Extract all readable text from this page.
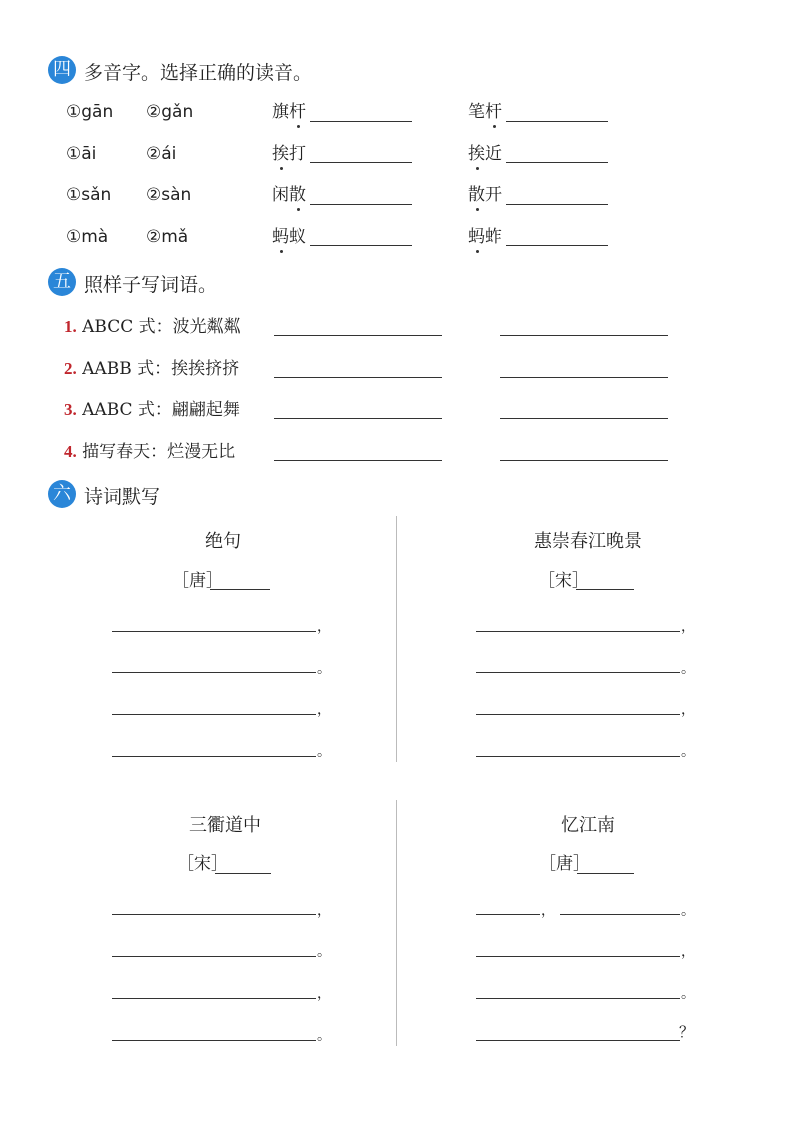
四 多音字。选择正确的读音。
①gān ②gǎn	旗杆	笔杆
①āi	②ái	挨打	挨近
①sǎn ②sàn	闲散	散开
①mà ②mǎ	蚂蚁	蚂蚱
五 照样子写词语。
1. ABCC 式：波光粼粼
2. AABB 式：挨挨挤挤
3. AABC 式：翩翩起舞
4. 描写春天：烂漫无比
六 诗词默写
绝句
［唐］
，
。
，
。
惠崇春江晚景
［宋］
，
。
，
。
三衢道中
［宋］
，
。
，
。
忆江南
［唐］
，	。
，
。
？
